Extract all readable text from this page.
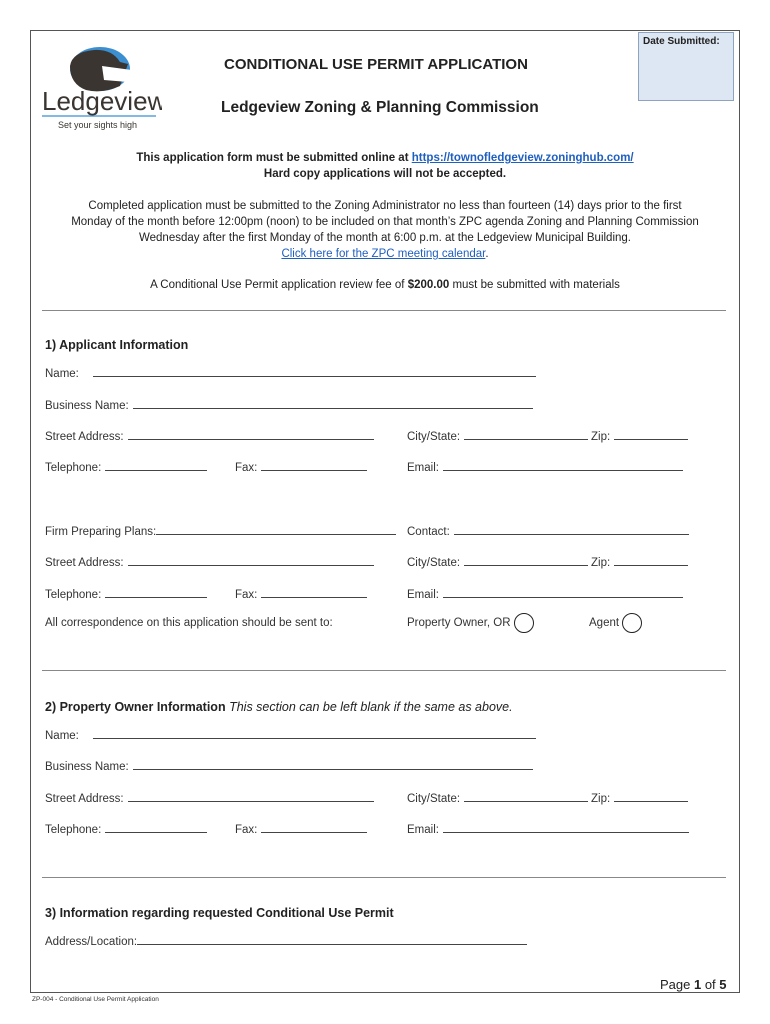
Date Submitted:
Ledgeview
Set your sights high
CONDITIONAL USE PERMIT APPLICATION
Ledgeview Zoning & Planning Commission
This application form must be submitted online at https://townofledgeview.zoninghub.com/
Hard copy applications will not be accepted.
Completed application must be submitted to the Zoning Administrator no less than fourteen (14) days prior to the first
Monday of the month before 12:00pm (noon) to be included on that month’s ZPC agenda Zoning and Planning Commission
Wednesday after the first Monday of the month at 6:00 p.m. at the Ledgeview Municipal Building.
Click here for the ZPC meeting calendar.
A Conditional Use Permit application review fee of $200.00 must be submitted with materials
1) Applicant Information
Name:
Business Name:
Street Address:	City/State:	Zip:
Telephone:	Fax:	Email:
Firm Preparing Plans:	Contact:
Street Address:	City/State:	Zip:
Telephone:	Fax:	Email:
All correspondence on this application should be sent to:	Property Owner, OR	Agent
2) Property Owner Information This section can be left blank if the same as above.
Name:
Business Name:
Street Address:	City/State:	Zip:
Telephone:	Fax:	Email:
3) Information regarding requested Conditional Use Permit
Address/Location:
Page 1 of 5
ZP-004 - Conditional Use Permit Application
